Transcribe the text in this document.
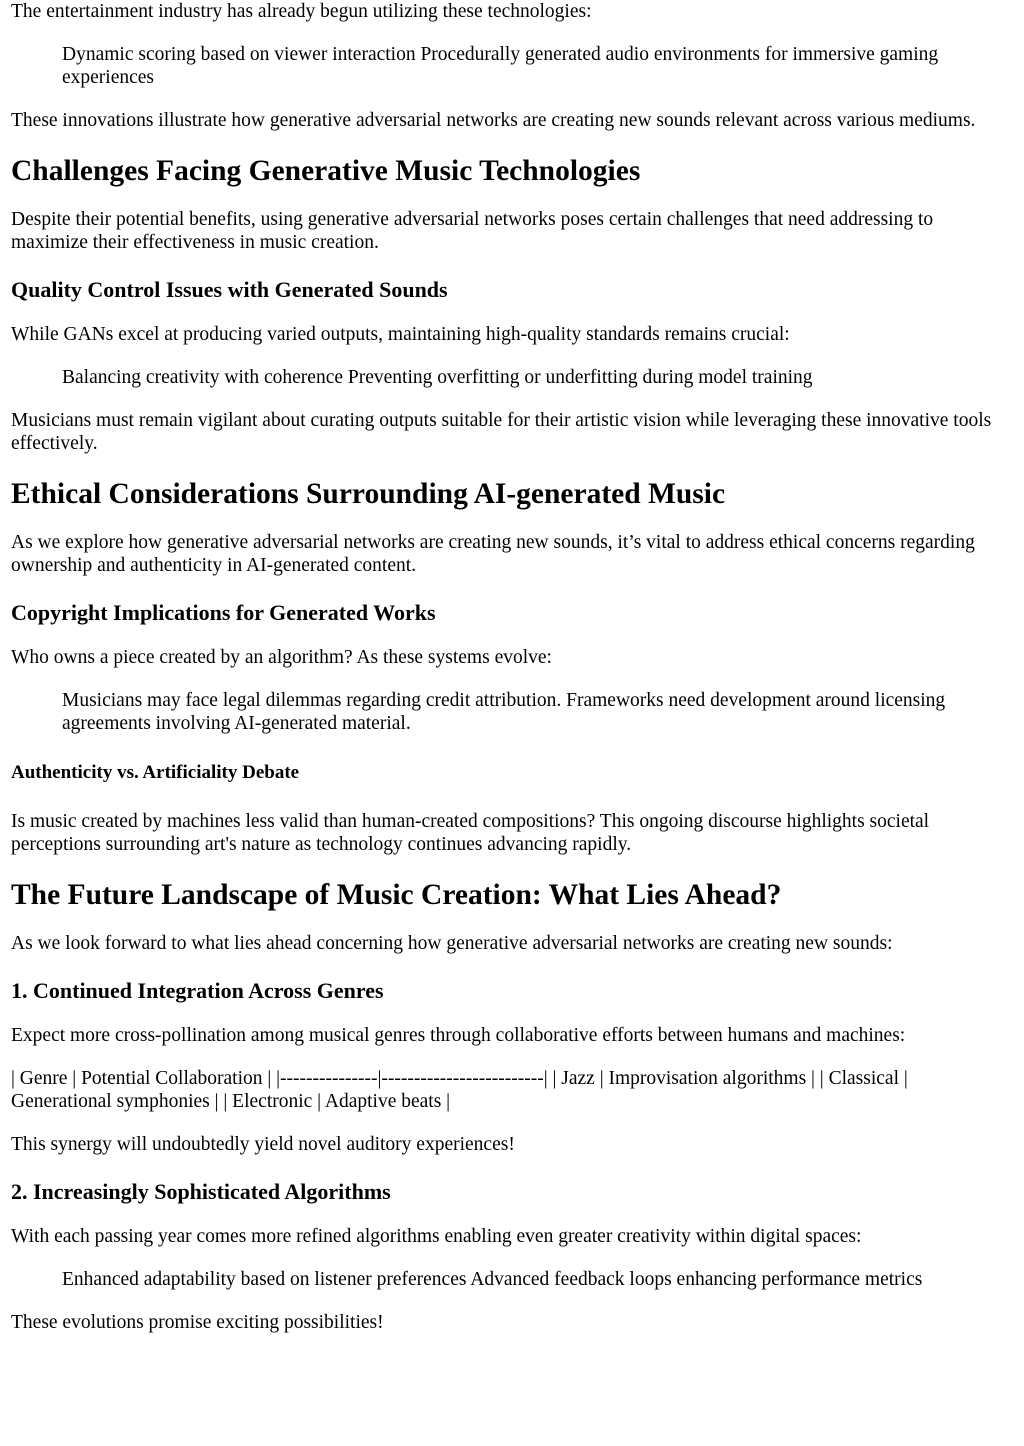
The entertainment industry has already begun utilizing these technologies:

Dynamic scoring based on viewer interaction Procedurally generated audio environments for immersive gaming experiences

These innovations illustrate how generative adversarial networks are creating new sounds relevant across various mediums.

Challenges Facing Generative Music Technologies

Despite their potential benefits, using generative adversarial networks poses certain challenges that need addressing to maximize their effectiveness in music creation.

Quality Control Issues with Generated Sounds

While GANs excel at producing varied outputs, maintaining high-quality standards remains crucial:

Balancing creativity with coherence Preventing overfitting or underfitting during model training

Musicians must remain vigilant about curating outputs suitable for their artistic vision while leveraging these innovative tools effectively.

Ethical Considerations Surrounding AI-generated Music

As we explore how generative adversarial networks are creating new sounds, it’s vital to address ethical concerns regarding ownership and authenticity in AI-generated content.

Copyright Implications for Generated Works

Who owns a piece created by an algorithm? As these systems evolve:

Musicians may face legal dilemmas regarding credit attribution. Frameworks need development around licensing agreements involving AI-generated material.
Authenticity vs. Artificiality Debate

Is music created by machines less valid than human-created compositions? This ongoing discourse highlights societal perceptions surrounding art's nature as technology continues advancing rapidly.

The Future Landscape of Music Creation: What Lies Ahead?

As we look forward to what lies ahead concerning how generative adversarial networks are creating new sounds:

1. Continued Integration Across Genres

Expect more cross-pollination among musical genres through collaborative efforts between humans and machines:

| Genre | Potential Collaboration | |---------------|-------------------------| | Jazz | Improvisation algorithms | | Classical | Generational symphonies | | Electronic | Adaptive beats |

This synergy will undoubtedly yield novel auditory experiences!

2. Increasingly Sophisticated Algorithms

With each passing year comes more refined algorithms enabling even greater creativity within digital spaces:

Enhanced adaptability based on listener preferences Advanced feedback loops enhancing performance metrics

These evolutions promise exciting possibilities!
